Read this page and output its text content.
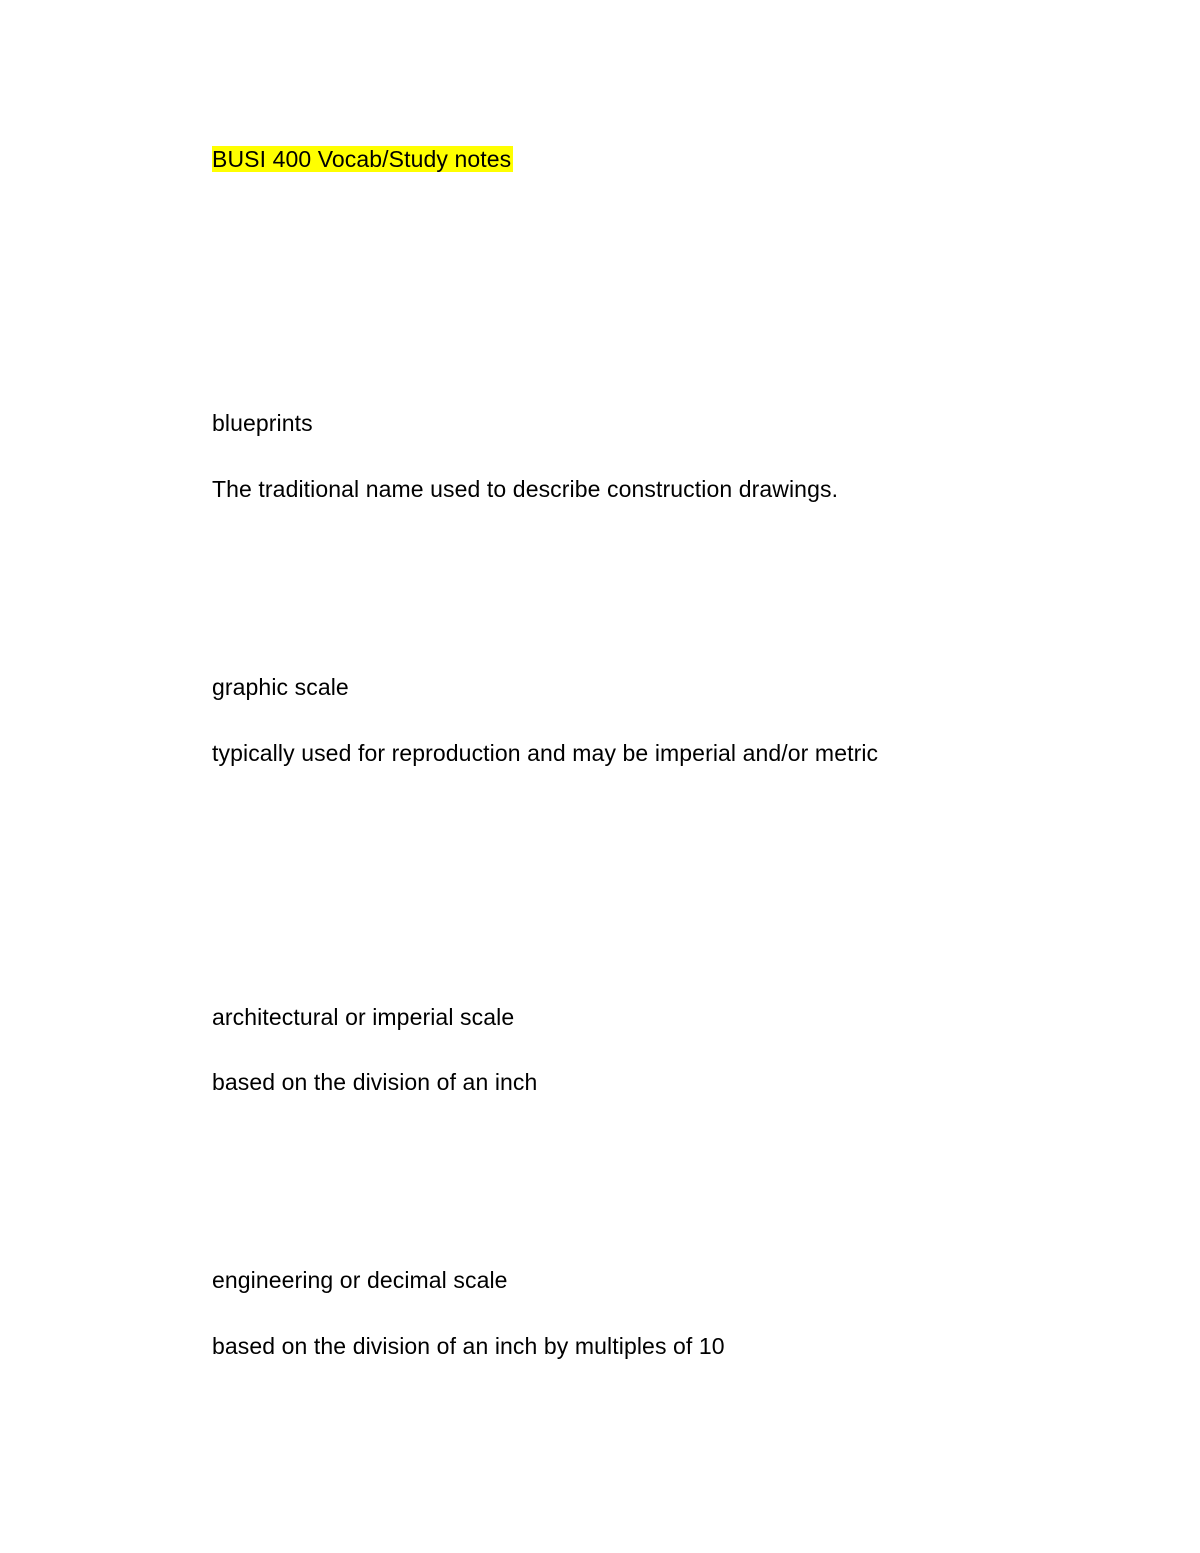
BUSI 400 Vocab/Study notes
blueprints
The traditional name used to describe construction drawings.
graphic scale
typically used for reproduction and may be imperial and/or metric
architectural or imperial scale
based on the division of an inch
engineering or decimal scale
based on the division of an inch by multiples of 10
